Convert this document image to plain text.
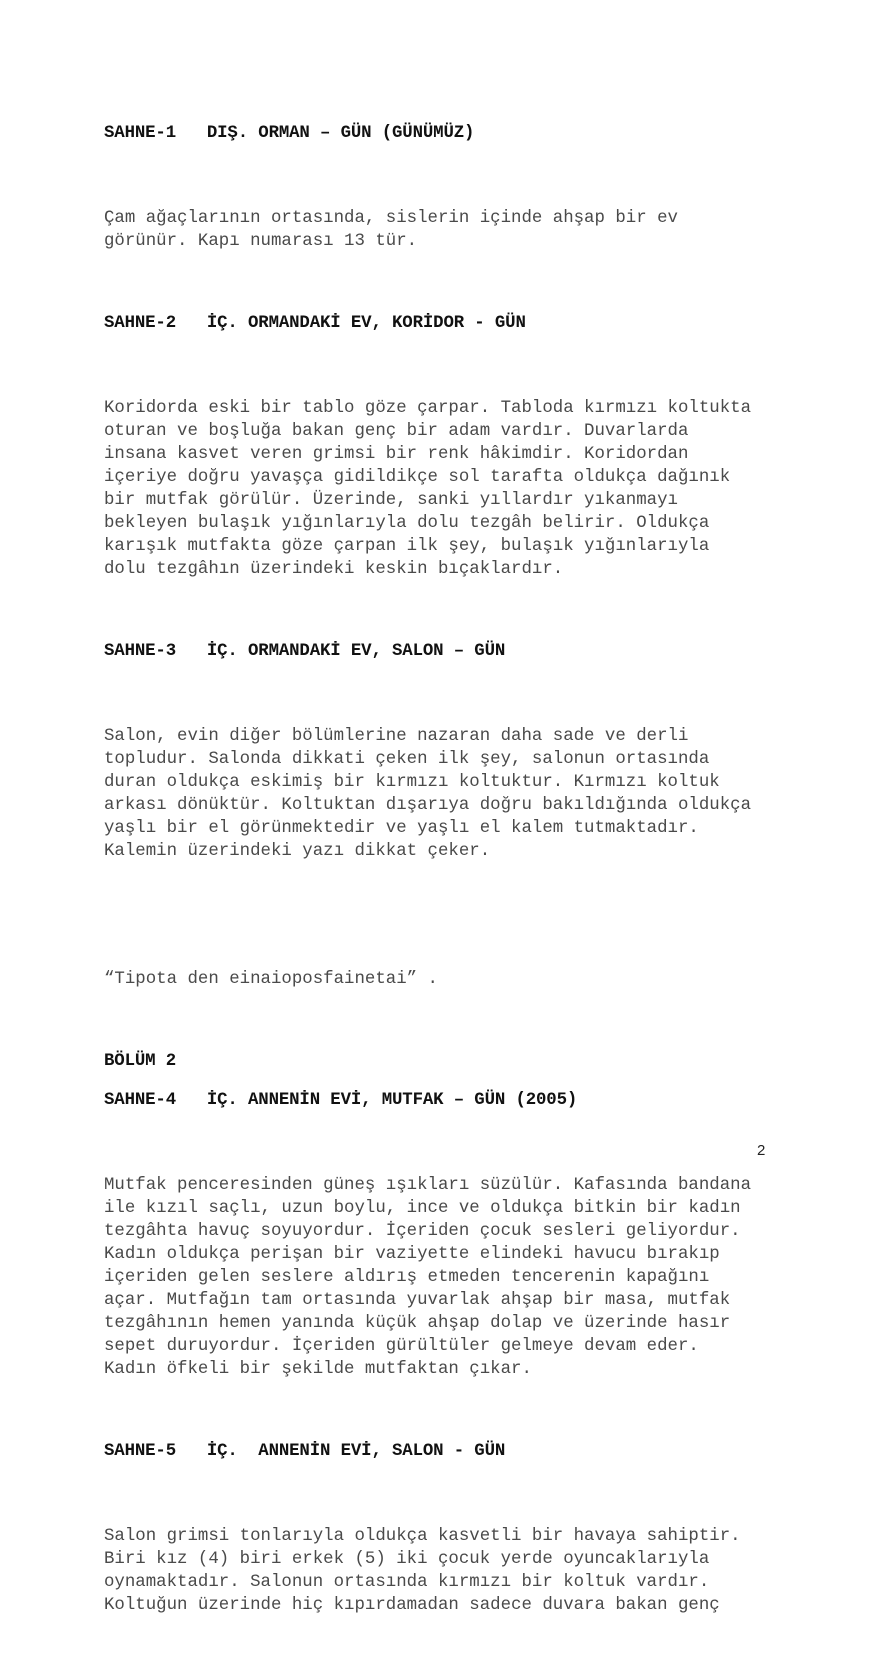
SAHNE-1   DIŞ. ORMAN – GÜN (GÜNÜMÜZ)

Çam ağaçlarının ortasında, sislerin içinde ahşap bir ev
görünür. Kapı numarası 13 tür.

SAHNE-2   İÇ. ORMANDAKİ EV, KORİDOR - GÜN

Koridorda eski bir tablo göze çarpar. Tabloda kırmızı koltukta
oturan ve boşluğa bakan genç bir adam vardır. Duvarlarda
insana kasvet veren grimsi bir renk hâkimdir. Koridordan
içeriye doğru yavaşça gidildikçe sol tarafta oldukça dağınık
bir mutfak görülür. Üzerinde, sanki yıllardır yıkanmayı
bekleyen bulaşık yığınlarıyla dolu tezgâh belirir. Oldukça
karışık mutfakta göze çarpan ilk şey, bulaşık yığınlarıyla
dolu tezgâhın üzerindeki keskin bıçaklardır.

SAHNE-3   İÇ. ORMANDAKİ EV, SALON – GÜN

Salon, evin diğer bölümlerine nazaran daha sade ve derli
topludur. Salonda dikkati çeken ilk şey, salonun ortasında
duran oldukça eskimiş bir kırmızı koltuktur. Kırmızı koltuk
arkası dönüktür. Koltuktan dışarıya doğru bakıldığında oldukça
yaşlı bir el görünmektedir ve yaşlı el kalem tutmaktadır.
Kalemin üzerindeki yazı dikkat çeker.

“Tipota den einaioposfainetai” .

BÖLÜM 2

SAHNE-4   İÇ. ANNENİN EVİ, MUTFAK – GÜN (2005)

Mutfak penceresinden güneş ışıkları süzülür. Kafasında bandana
ile kızıl saçlı, uzun boylu, ince ve oldukça bitkin bir kadın
tezgâhta havuç soyuyordur. İçeriden çocuk sesleri geliyordur.
Kadın oldukça perişan bir vaziyette elindeki havucu bırakıp
içeriden gelen seslere aldırış etmeden tencerenin kapağını
açar. Mutfağın tam ortasında yuvarlak ahşap bir masa, mutfak
tezgâhının hemen yanında küçük ahşap dolap ve üzerinde hasır
sepet duruyordur. İçeriden gürültüler gelmeye devam eder.
Kadın öfkeli bir şekilde mutfaktan çıkar.

SAHNE-5   İÇ.  ANNENİN EVİ, SALON - GÜN

Salon grimsi tonlarıyla oldukça kasvetli bir havaya sahiptir.
Biri kız (4) biri erkek (5) iki çocuk yerde oyuncaklarıyla
oynamaktadır. Salonun ortasında kırmızı bir koltuk vardır.
Koltuğun üzerinde hiç kıpırdamadan sadece duvara bakan genç

2
